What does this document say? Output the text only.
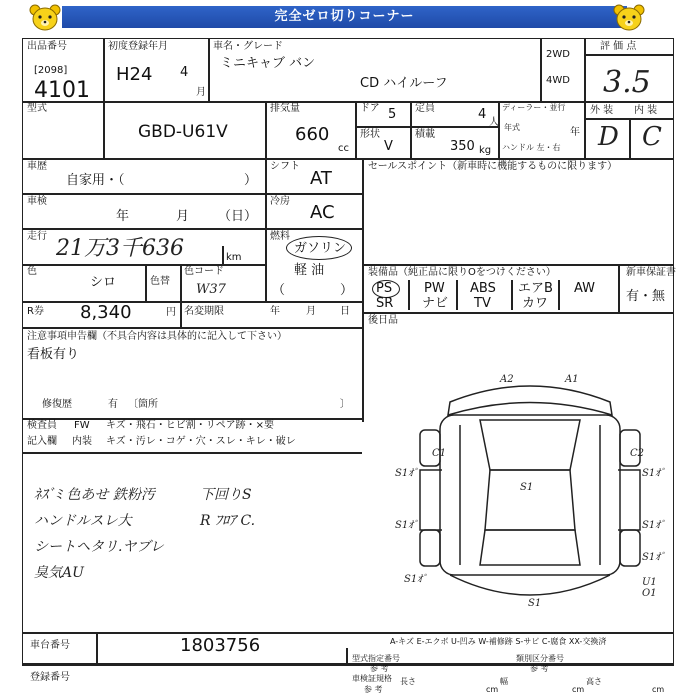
完全ゼロ切りコーナー
出品番号
[2098]
4101
初度登録年月
H24 4
月
車名・グレード
ミニキャブ バン
CD ハイルーフ
2WD
4WD
評 価 点
3.5
外 装 内 装
D C
型式
GBD-U61V
排気量
660
cc
ドア 5 定員	4
人
形状
V
積載
350 kg
ディーラー・並行
年式	年
ハンドル 左・右
車歴
自家用・（	）
シフト
AT
車検
年	月 （日）
冷房
AC
走行 21万3千636	km
燃料
ガソリン
軽 油
（	）
色
シロ	色替
色コード
W37
R券 8,340	円 名変期限	年	月 日
注意事項申告欄（不具合内容は具体的に記入して下さい）
看板有り
修復歴	有 〔箇所	〕
セールスポイント（新車時に機能するものに限ります）
装備品（純正品に限りOをつけください）	新車保証書
有・無
後日品
PS PW ABS エアB AW
SR ナビ TV カワ
検査員
記入欄
FW キズ・飛石・ヒビ割・リペア跡・×要
内装 キズ・汚レ・コゲ・穴・スレ・キレ・破レ
ﾈｽﾞﾐ 色あせ 鉄粉汚	下回りS
ハンドルスレ大	R ﾌﾛｱ C.
シートヘタリ.ヤブレ
臭気AU
A2	A1
C1	C2
S1
S1ｵﾟ	S1ｵﾟ
S1ｵﾟ	S1ｵﾟ
S1ｵﾟ
S1ｵﾟ
U1
O1
S1
車台番号	1803756
登録番号
A-キズ E-エクボ U-凹み W-補修跡 S-サビ C-腐食 XX-交換済
型式指定番号
参 考
類別区分番号
参 考
車検証規格
参 考
長さ
cm
幅
cm
高さ
cm
